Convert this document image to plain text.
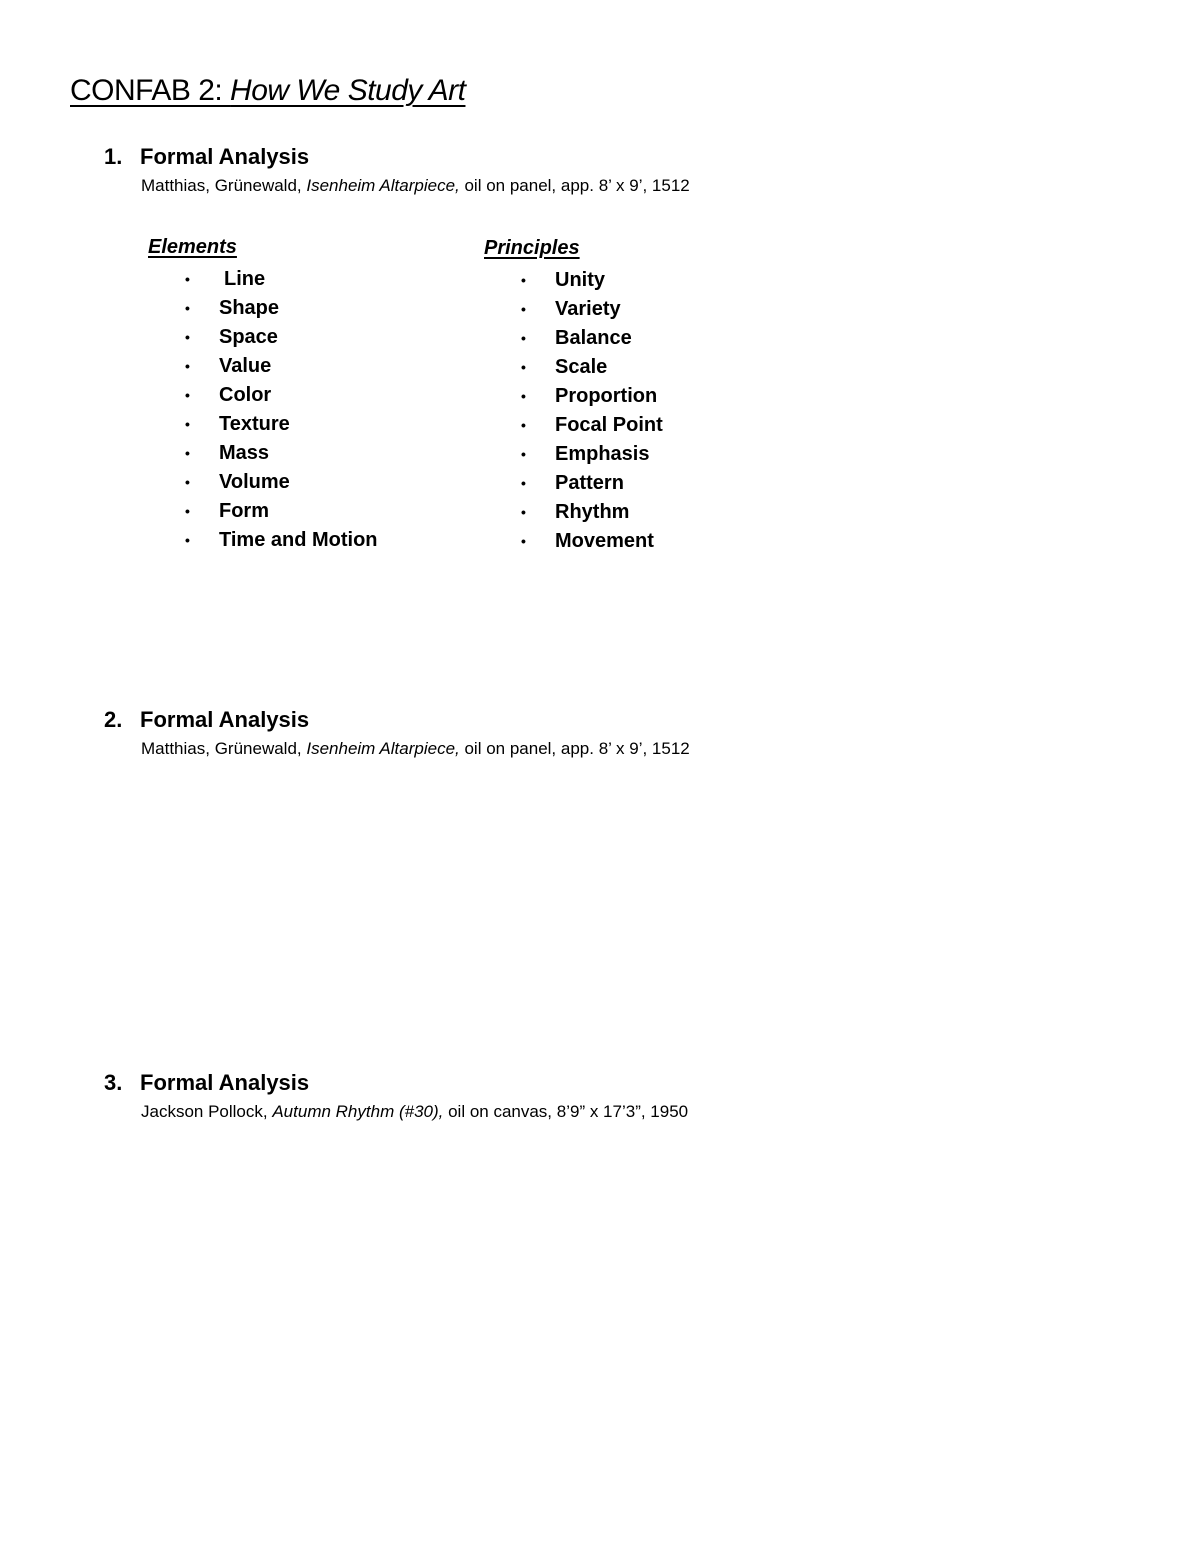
CONFAB 2: How We Study Art
1. Formal Analysis
Matthias, Grünewald, Isenheim Altarpiece, oil on panel, app. 8’ x 9’, 1512
Elements
• Line
• Shape
• Space
• Value
• Color
• Texture
• Mass
• Volume
• Form
• Time and Motion
Principles
• Unity
• Variety
• Balance
• Scale
• Proportion
• Focal Point
• Emphasis
• Pattern
• Rhythm
• Movement
2. Formal Analysis
Matthias, Grünewald, Isenheim Altarpiece, oil on panel, app. 8’ x 9’, 1512
3. Formal Analysis
Jackson Pollock, Autumn Rhythm (#30), oil on canvas, 8’9” x 17’3”, 1950
